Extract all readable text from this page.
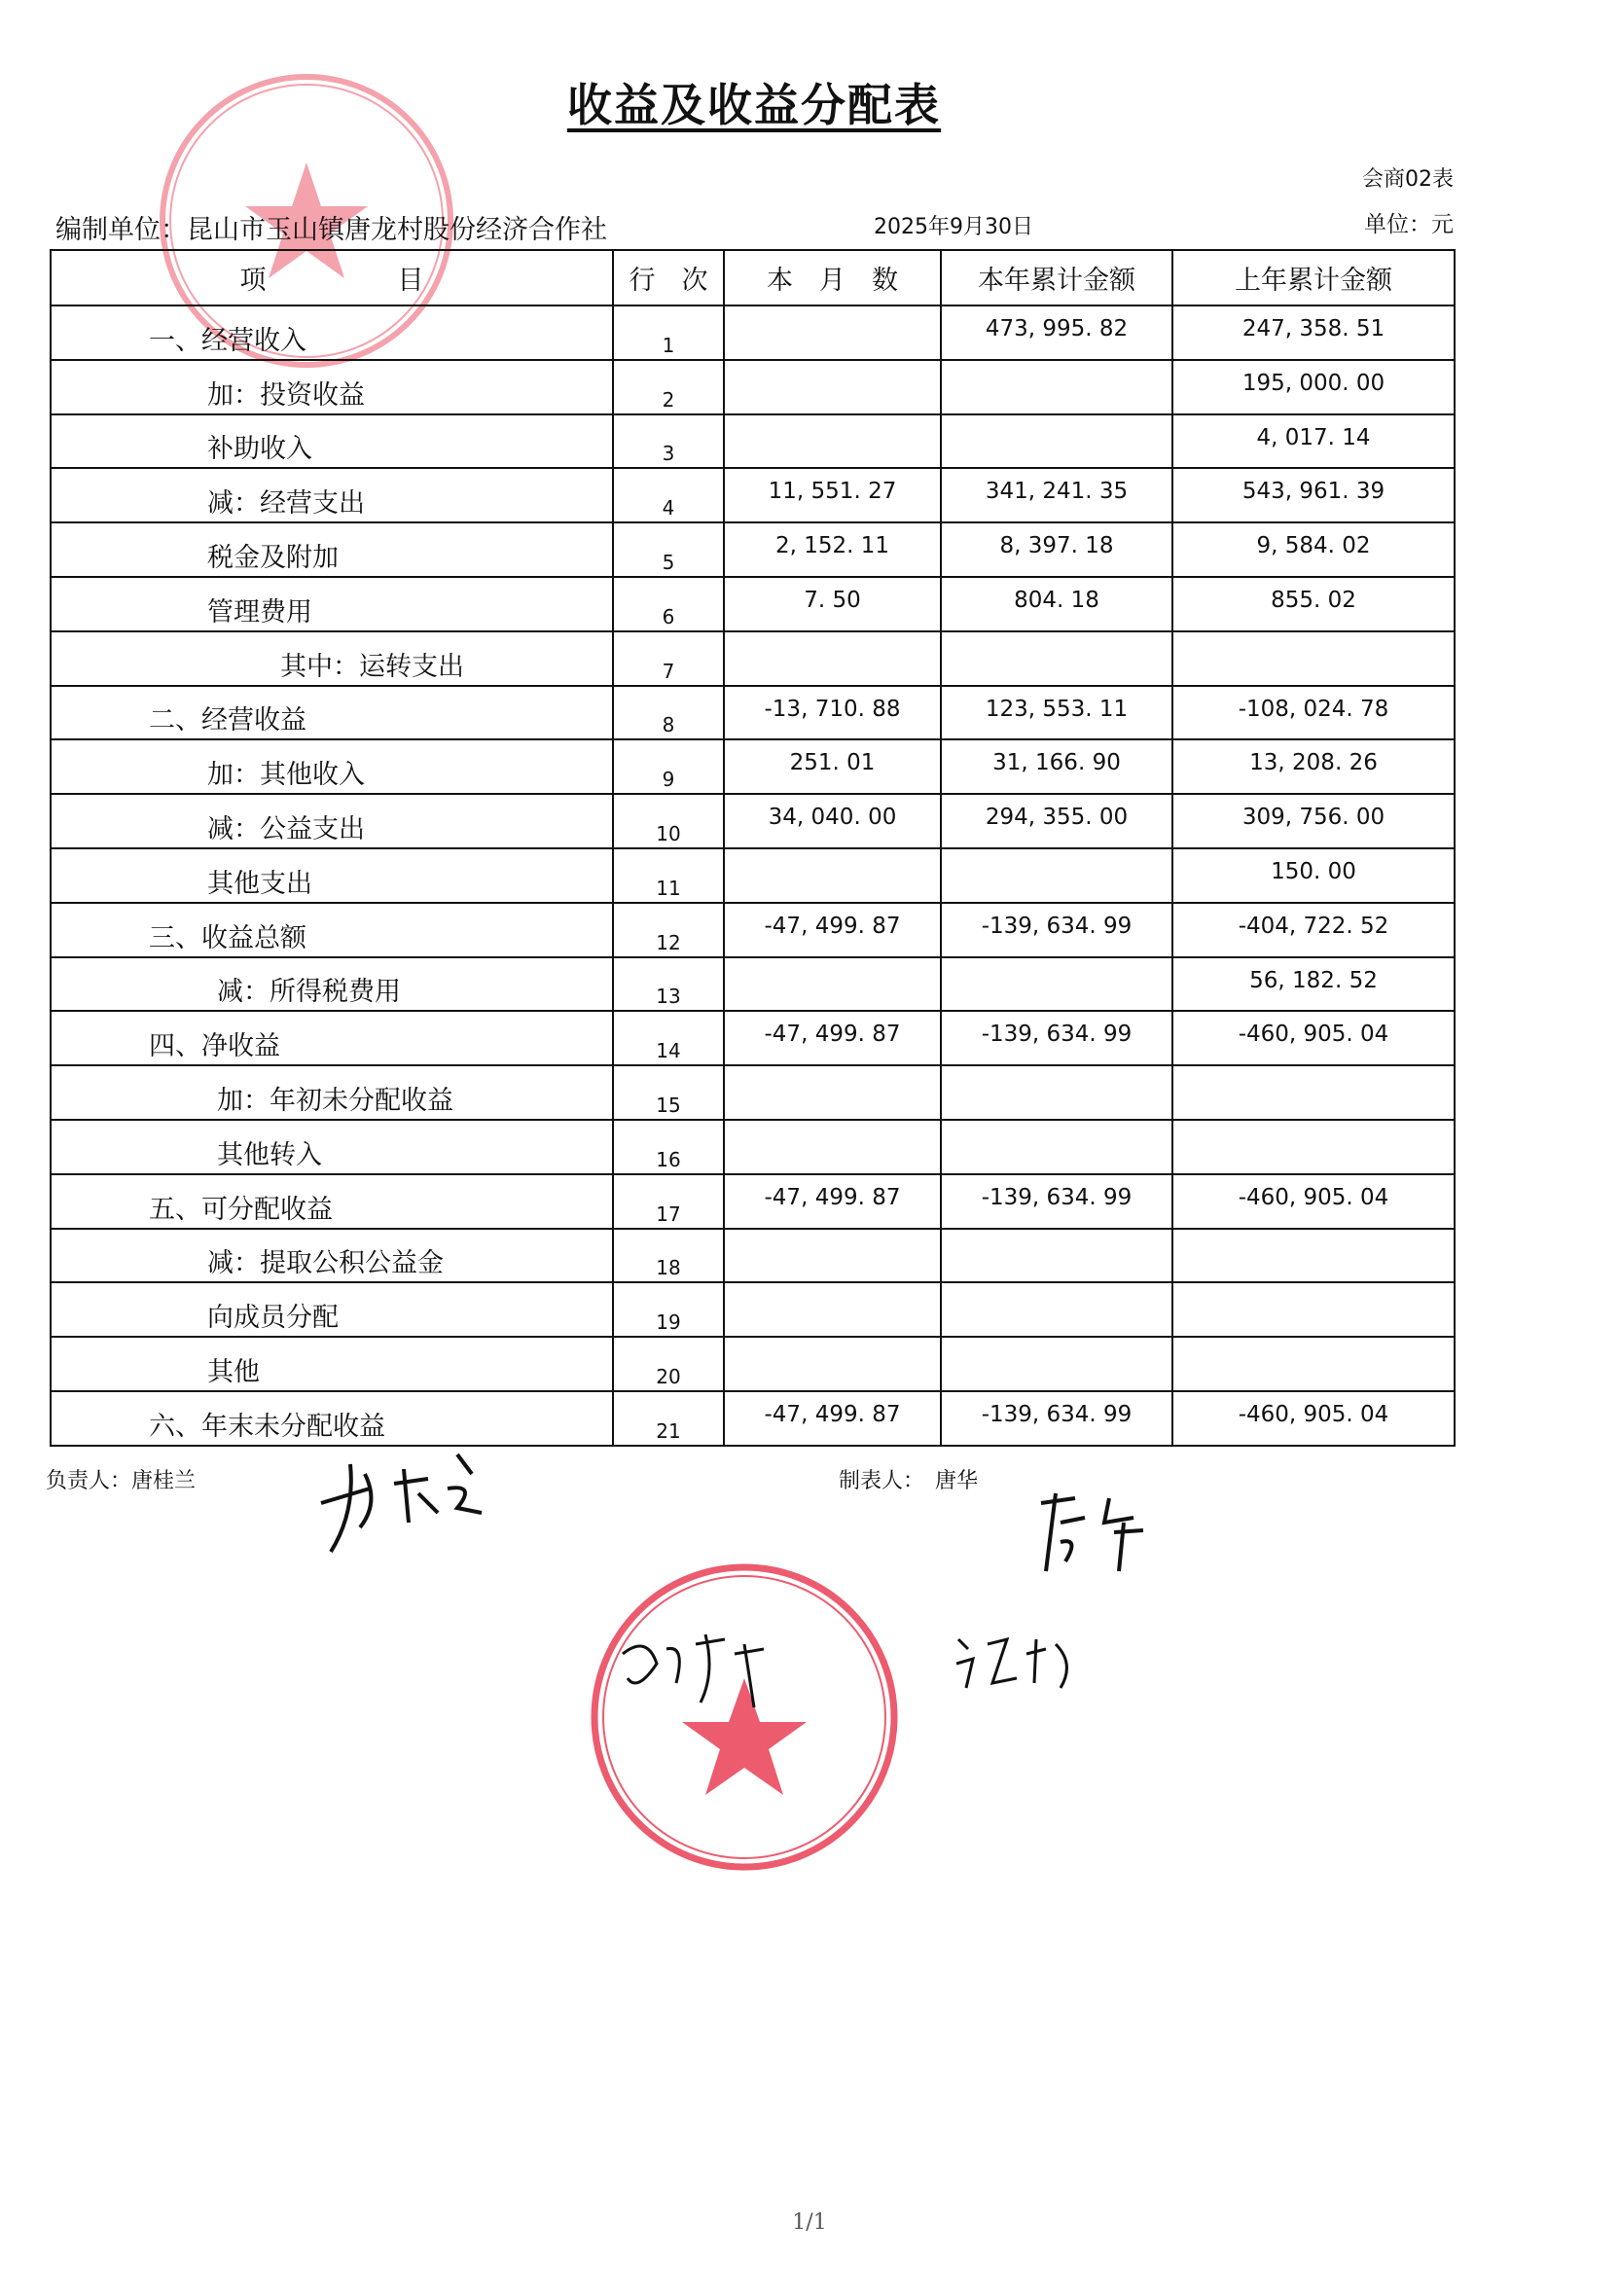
收益及收益分配表
会商02表
编制单位：昆山市玉山镇唐龙村股份经济合作社	2025年9月30日	单位：元
项　　　　　目	行　次	本　月　数	本年累计金额	上年累计金额

一、经营收入	1		473, 995. 82	247, 358. 51

加：投资收益	2			195, 000. 00

补助收入	3			4, 017. 14

减：经营支出	4	11, 551. 27	341, 241. 35	543, 961. 39

税金及附加	5	2, 152. 11	8, 397. 18	9, 584. 02

管理费用	6	7. 50	804. 18	855. 02

其中：运转支出	7			

二、经营收益	8	-13, 710. 88	123, 553. 11	-108, 024. 78

加：其他收入	9	251. 01	31, 166. 90	13, 208. 26

减：公益支出	10	34, 040. 00	294, 355. 00	309, 756. 00

其他支出	11			150. 00

三、收益总额	12	-47, 499. 87	-139, 634. 99	-404, 722. 52

减：所得税费用	13			56, 182. 52

四、净收益	14	-47, 499. 87	-139, 634. 99	-460, 905. 04

加：年初未分配收益	15			

其他转入	16			

五、可分配收益	17	-47, 499. 87	-139, 634. 99	-460, 905. 04

减：提取公积公益金	18			

向成员分配	19			

其他	20			

六、年末未分配收益	21	-47, 499. 87	-139, 634. 99	-460, 905. 04
负责人：唐桂兰	制表人：　唐华
1/1
